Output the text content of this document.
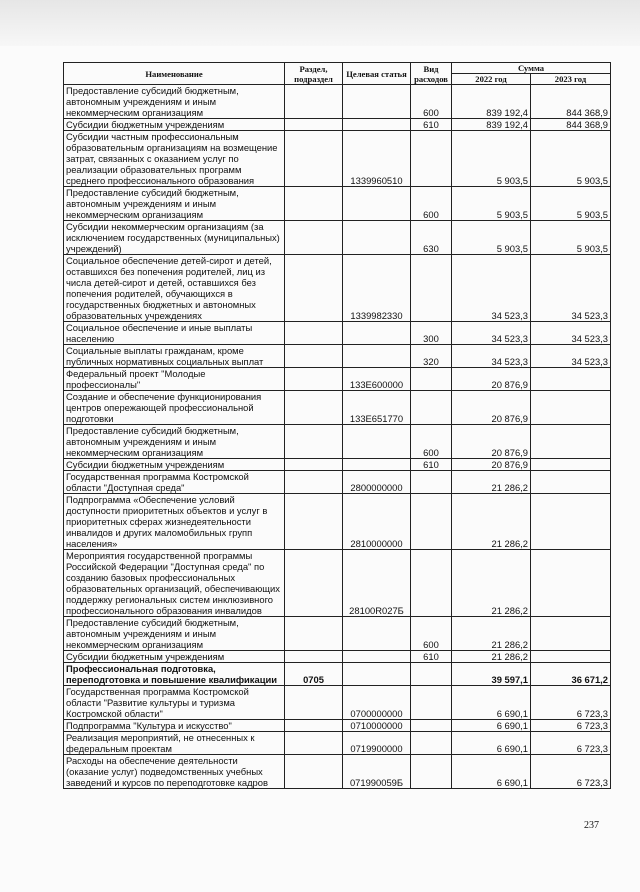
Наименование	Раздел, подраздел	Целевая статья	Вид расходов	Сумма	
				2022 год	2023 год
Предоставление субсидий бюджетным, автономным учреждениям и иным некоммерческим организациям			600	839 192,4	844 368,9
Субсидии бюджетным учреждениям			610	839 192,4	844 368,9
Субсидии частным профессиональным образовательным организациям на возмещение затрат, связанных с оказанием услуг по реализации образовательных программ среднего профессионального образования		1339960510		5 903,5	5 903,5
Предоставление субсидий бюджетным, автономным учреждениям и иным некоммерческим организациям			600	5 903,5	5 903,5
Субсидии некоммерческим организациям (за исключением государственных (муниципальных) учреждений)			630	5 903,5	5 903,5
Социальное обеспечение детей-сирот и детей, оставшихся без попечения родителей, лиц из числа детей-сирот и детей, оставшихся без попечения родителей, обучающихся в государственных бюджетных и автономных образовательных учреждениях		1339982330		34 523,3	34 523,3
Социальное обеспечение и иные выплаты населению			300	34 523,3	34 523,3
Социальные выплаты гражданам, кроме публичных нормативных социальных выплат			320	34 523,3	34 523,3
Федеральный проект "Молодые профессионалы"		133E600000		20 876,9	
Создание и обеспечение функционирования центров опережающей профессиональной подготовки		133E651770		20 876,9	
Предоставление субсидий бюджетным, автономным учреждениям и иным некоммерческим организациям			600	20 876,9	
Субсидии бюджетным учреждениям			610	20 876,9	
Государственная программа Костромской области "Доступная среда"		2800000000		21 286,2	
Подпрограмма «Обеспечение условий доступности приоритетных объектов и услуг в приоритетных сферах жизнедеятельности инвалидов и других маломобильных групп населения»		2810000000		21 286,2	
Мероприятия государственной программы Российской Федерации "Доступная среда" по созданию базовых профессиональных образовательных организаций, обеспечивающих поддержку региональных систем инклюзивного профессионального образования инвалидов		28100R027Б		21 286,2	
Предоставление субсидий бюджетным, автономным учреждениям и иным некоммерческим организациям			600	21 286,2	
Субсидии бюджетным учреждениям			610	21 286,2	
Профессиональная подготовка, переподготовка и повышение квалификации	0705			39 597,1	36 671,2
Государственная программа Костромской области "Развитие культуры и туризма Костромской области"		0700000000		6 690,1	6 723,3
Подпрограмма "Культура и искусство"		0710000000		6 690,1	6 723,3
Реализация мероприятий, не отнесенных к федеральным проектам		0719900000		6 690,1	6 723,3
Расходы на обеспечение деятельности (оказание услуг) подведомственных учебных заведений и курсов по переподготовке кадров		071990059Б		6 690,1	6 723,3
237
